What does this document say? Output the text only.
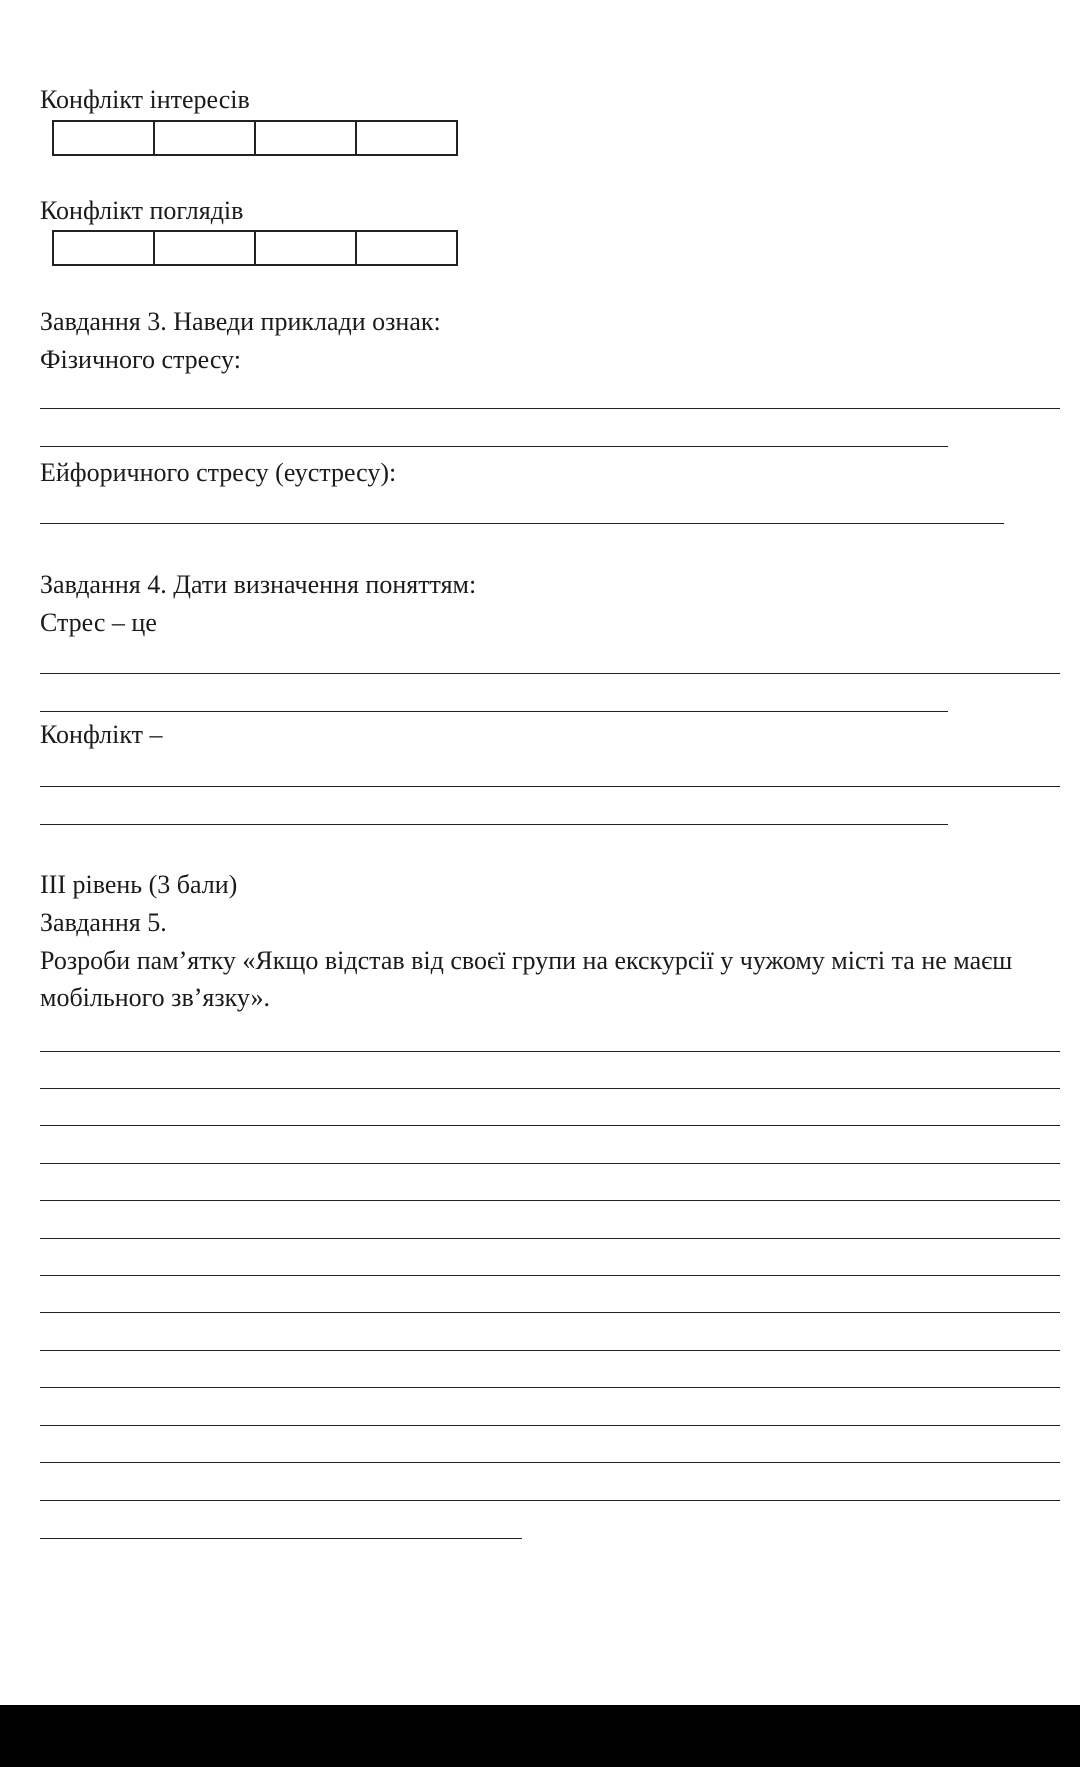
Конфлікт інтересів
Конфлікт поглядів
Завдання 3. Наведи приклади ознак:
Фізичного стресу:
Ейфоричного стресу (еустресу):
Завдання 4. Дати визначення поняттям:
Стрес – це
Конфлікт –
ІІІ рівень (3 бали)
Завдання 5.
Розроби пам’ятку «Якщо відстав від своєї групи на екскурсії у чужому місті та не маєш мобільного зв’язку».
